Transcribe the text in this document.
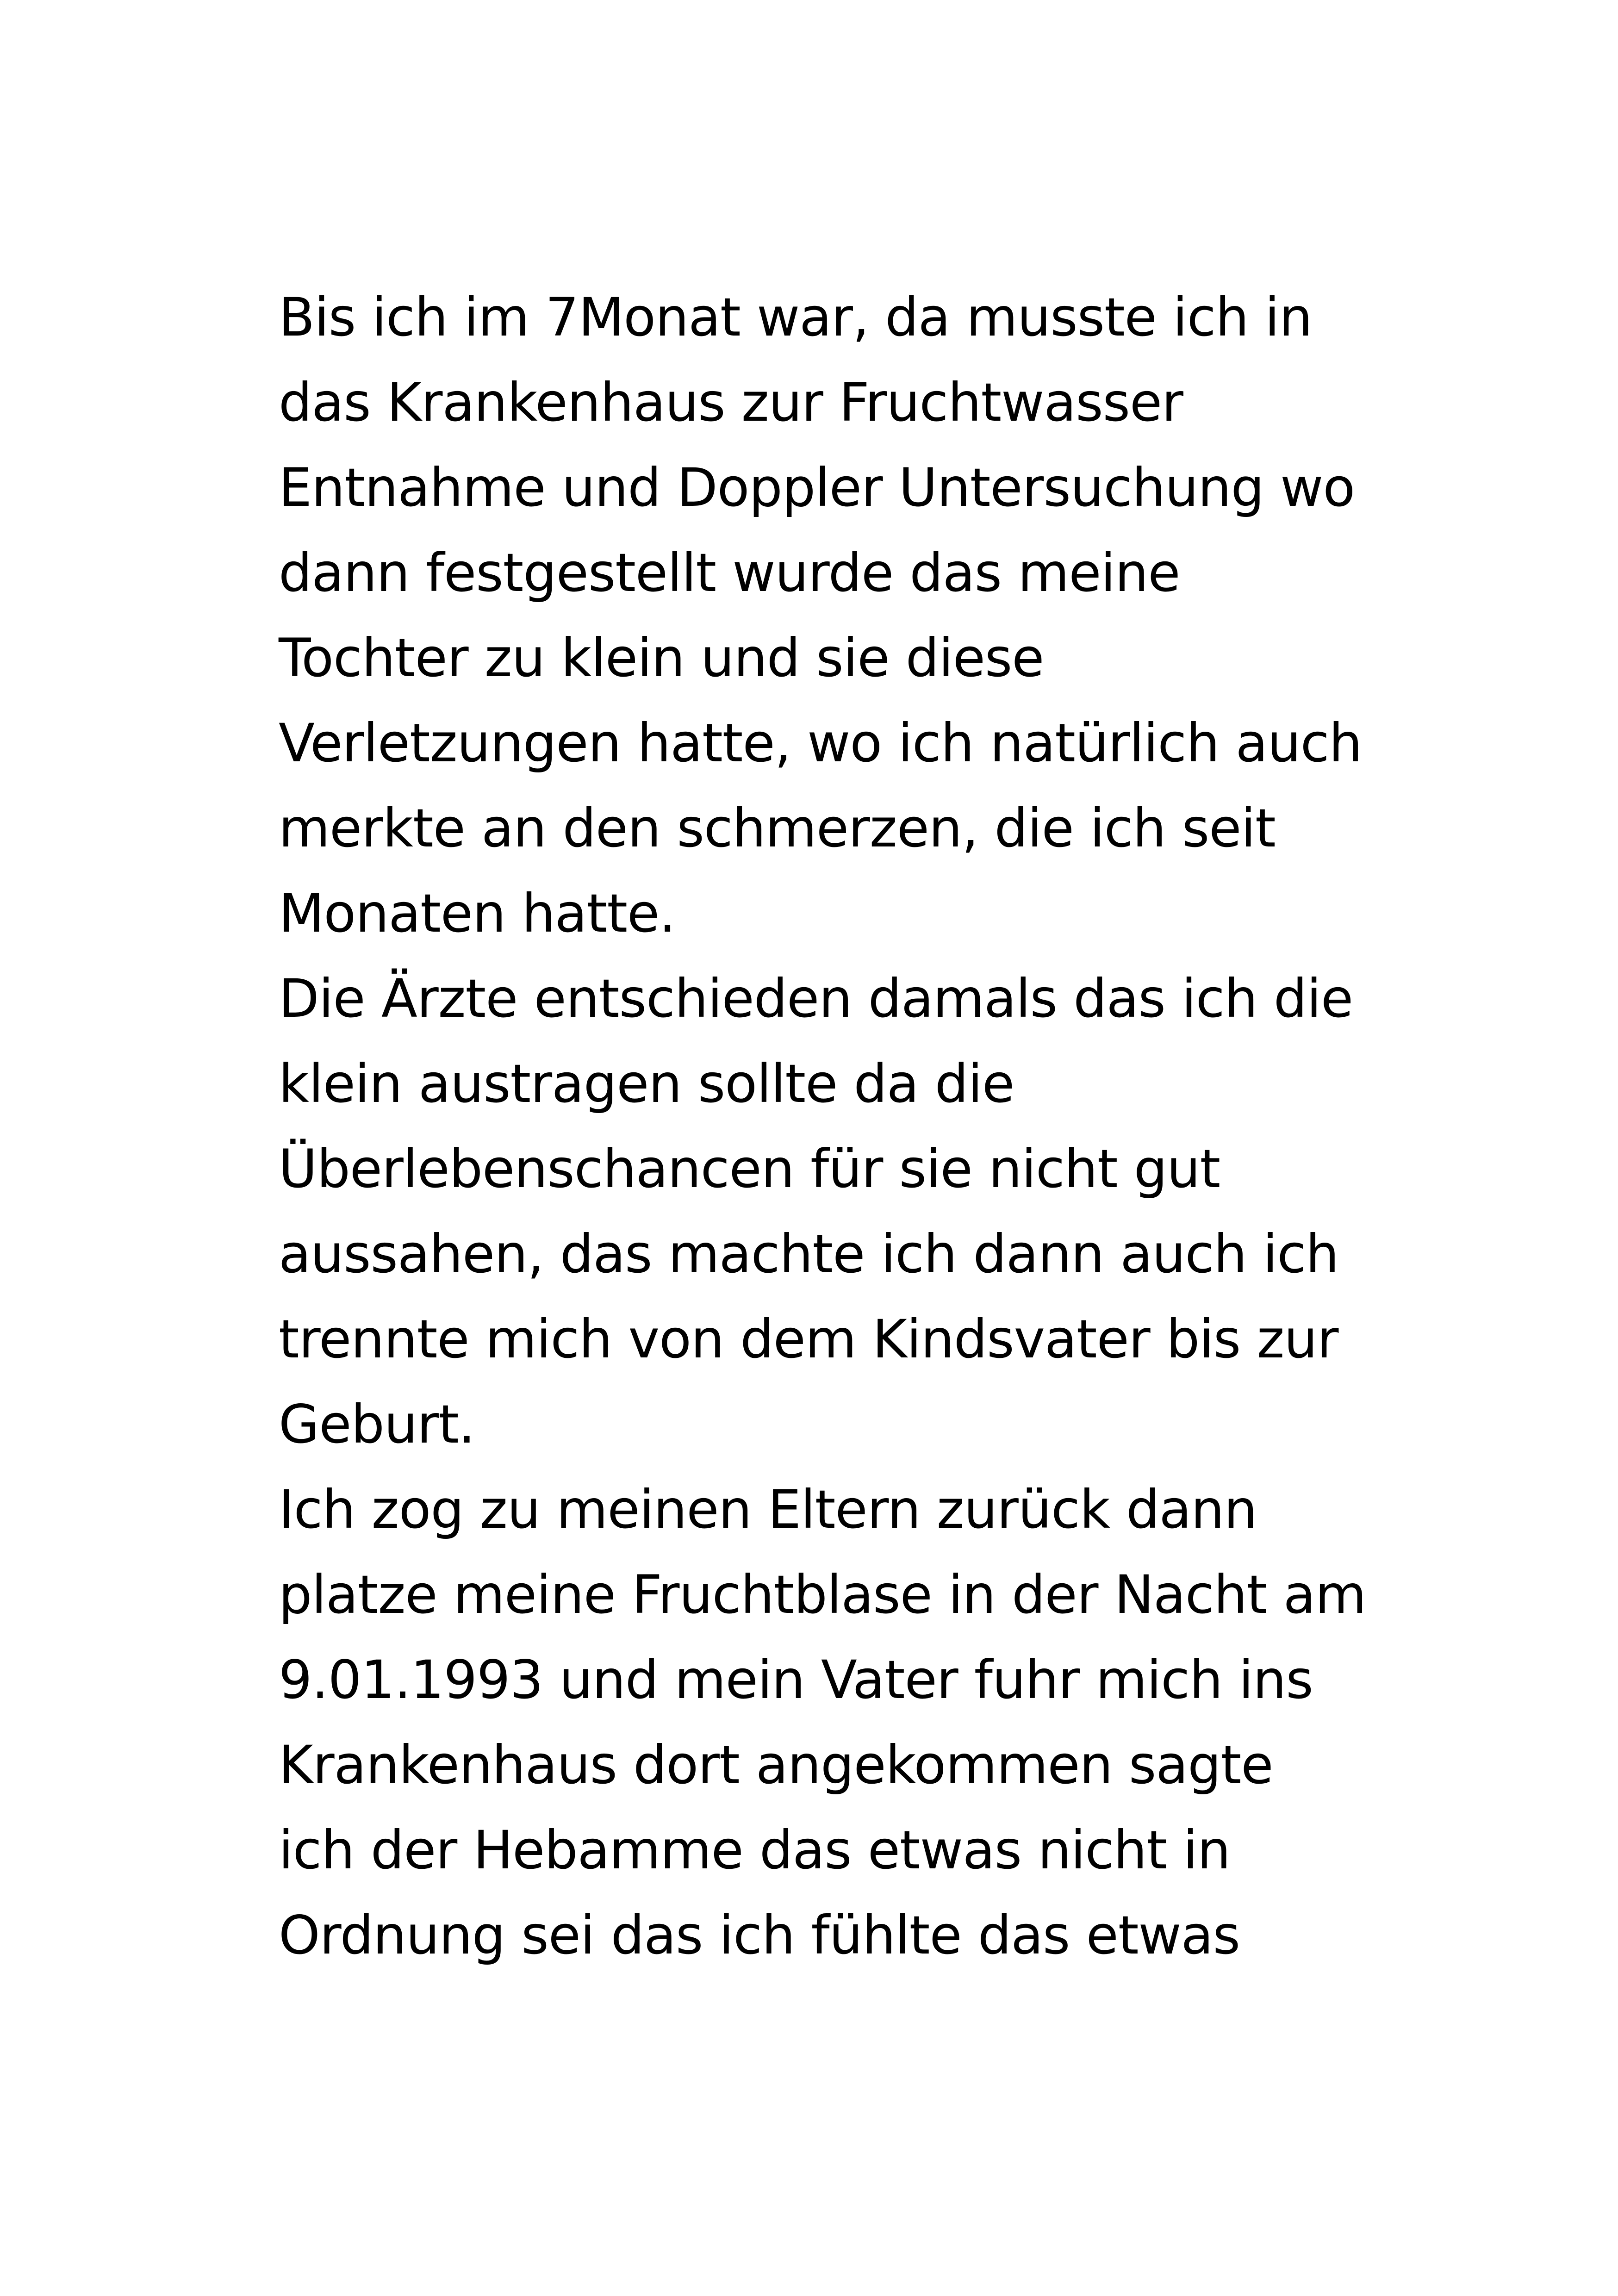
Bis ich im 7Monat war, da musste ich in
das Krankenhaus zur Fruchtwasser
Entnahme und Doppler Untersuchung wo
dann festgestellt wurde das meine
Tochter zu klein und sie diese
Verletzungen hatte, wo ich natürlich auch
merkte an den schmerzen, die ich seit
Monaten hatte.
Die Ärzte entschieden damals das ich die
klein austragen sollte da die
Überlebenschancen für sie nicht gut
aussahen, das machte ich dann auch ich
trennte mich von dem Kindsvater bis zur
Geburt.
Ich zog zu meinen Eltern zurück dann
platze meine Fruchtblase in der Nacht am
9.01.1993 und mein Vater fuhr mich ins
Krankenhaus dort angekommen sagte
ich der Hebamme das etwas nicht in
Ordnung sei das ich fühlte das etwas
